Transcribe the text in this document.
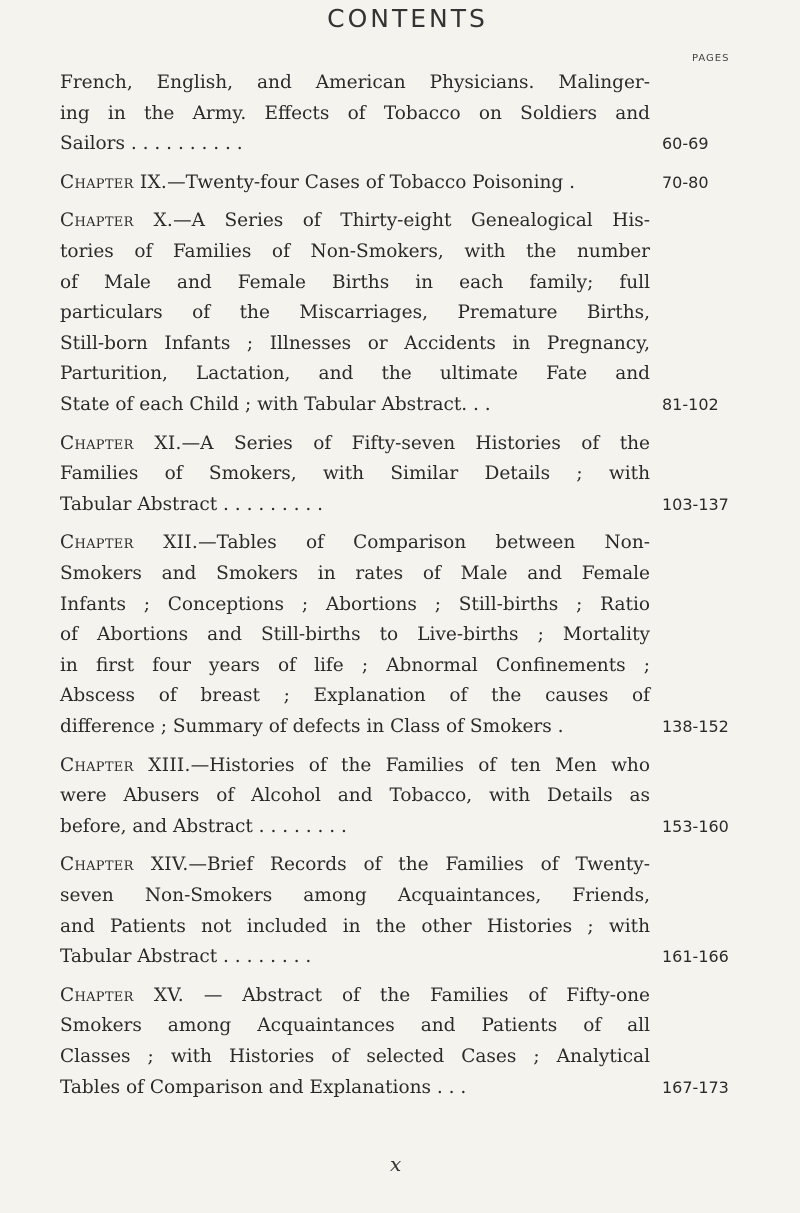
CONTENTS
PAGES
French, English, and American Physicians. Malinger-
ing in the Army. Effects of Tobacco on Soldiers and
Sailors . . . . . . . . . .	60-69
Chapter IX.—Twenty-four Cases of Tobacco Poisoning .	70-80
Chapter X.—A Series of Thirty-eight Genealogical His-
tories of Families of Non-Smokers, with the number
of Male and Female Births in each family; full
particulars of the Miscarriages, Premature Births,
Still-born Infants ; Illnesses or Accidents in Pregnancy,
Parturition, Lactation, and the ultimate Fate and
State of each Child ; with Tabular Abstract. . .	81-102
Chapter XI.—A Series of Fifty-seven Histories of the
Families of Smokers, with Similar Details ; with
Tabular Abstract . . . . . . . . .	103-137
Chapter XII.—Tables of Comparison between Non-
Smokers and Smokers in rates of Male and Female
Infants ; Conceptions ; Abortions ; Still-births ; Ratio
of Abortions and Still-births to Live-births ; Mortality
in first four years of life ; Abnormal Confinements ;
Abscess of breast ; Explanation of the causes of
difference ; Summary of defects in Class of Smokers .	138-152
Chapter XIII.—Histories of the Families of ten Men who
were Abusers of Alcohol and Tobacco, with Details as
before, and Abstract . . . . . . . .	153-160
Chapter XIV.—Brief Records of the Families of Twenty-
seven Non-Smokers among Acquaintances, Friends,
and Patients not included in the other Histories ; with
Tabular Abstract . . . . . . . .	161-166
Chapter XV. — Abstract of the Families of Fifty-one
Smokers among Acquaintances and Patients of all
Classes ; with Histories of selected Cases ; Analytical
Tables of Comparison and Explanations . . .	167-173
x
